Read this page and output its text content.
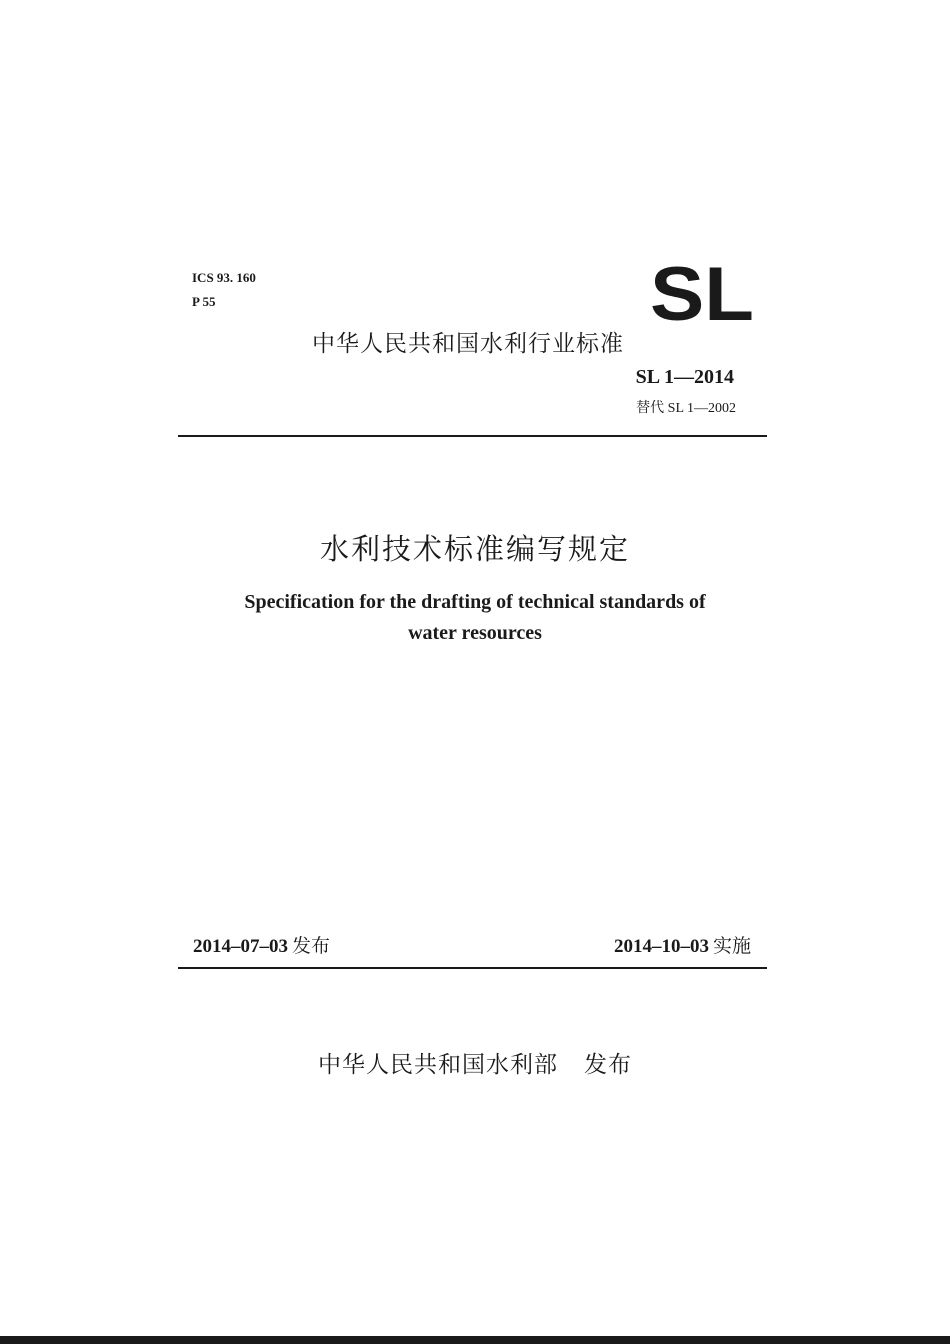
ICS 93. 160
P 55	SL
中华人民共和国水利行业标准
SL 1—2014
替代 SL 1—2002
水利技术标准编写规定
Specification for the drafting of technical standards of
water resources
2014–07–03 发布	2014–10–03 实施
中华人民共和国水利部 发布
